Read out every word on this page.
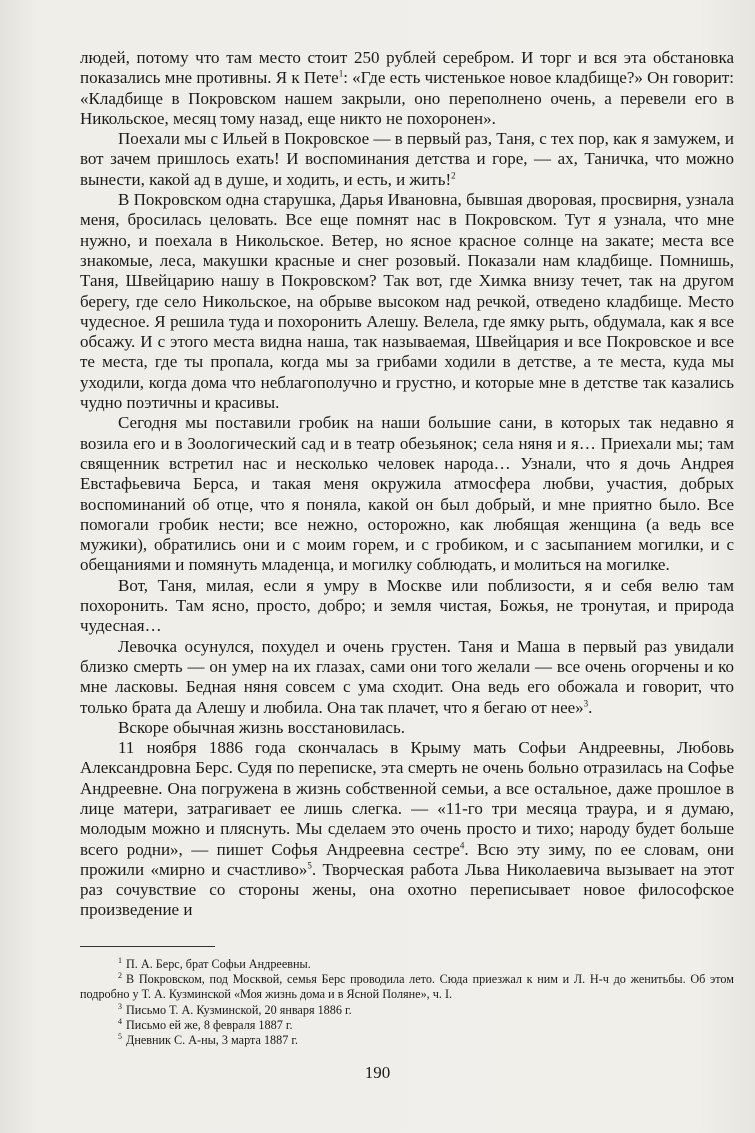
людей, потому что там место стоит 250 рублей серебром. И торг и вся эта обстановка показались мне противны. Я к Пете$^1$: «Где есть чистенькое новое кладбище?» Он говорит: «Кладбище в Покровском нашем закрыли, оно переполнено очень, а перевели его в Никольское, месяц тому назад, еще никто не похоронен».

Поехали мы с Ильей в Покровское — в первый раз, Таня, с тех пор, как я замужем, и вот зачем пришлось ехать! И воспоминания детства и горе, — ах, Таничка, что можно вынести, какой ад в душе, и ходить, и есть, и жить!$^2$

В Покровском одна старушка, Дарья Ивановна, бывшая дворовая, просвирня, узнала меня, бросилась целовать. Все еще помнят нас в Покровском. Тут я узнала, что мне нужно, и поехала в Никольское. Ветер, но ясное красное солнце на закате; места все знакомые, леса, макушки красные и снег розовый. Показали нам кладбище. Помнишь, Таня, Швейцарию нашу в Покровском? Так вот, где Химка внизу течет, так на другом берегу, где село Никольское, на обрыве высоком над речкой, отведено кладбище. Место чудесное. Я решила туда и похоронить Алешу. Велела, где ямку рыть, обдумала, как я все обсажу. И с этого места видна наша, так называемая, Швейцария и все Покровское и все те места, где ты пропала, когда мы за грибами ходили в детстве, а те места, куда мы уходили, когда дома что неблагополучно и грустно, и которые мне в детстве так казались чудно поэтичны и красивы.

Сегодня мы поставили гробик на наши большие сани, в которых так недавно я возила его и в Зоологический сад и в театр обезьянок; села няня и я… Приехали мы; там священник встретил нас и несколько человек народа… Узнали, что я дочь Андрея Евстафьевича Берса, и такая меня окружила атмосфера любви, участия, добрых воспоминаний об отце, что я поняла, какой он был добрый, и мне приятно было. Все помогали гробик нести; все нежно, осторожно, как любящая женщина (а ведь все мужики), обратились они и с моим горем, и с гробиком, и с засыпанием могилки, и с обещаниями и помянуть младенца, и могилку соблюдать, и молиться на могилке.

Вот, Таня, милая, если я умру в Москве или поблизости, я и себя велю там похоронить. Там ясно, просто, добро; и земля чистая, Божья, не тронутая, и природа чудесная…

Левочка осунулся, похудел и очень грустен. Таня и Маша в первый раз увидали близко смерть — он умер на их глазах, сами они того желали — все очень огорчены и ко мне ласковы. Бедная няня совсем с ума сходит. Она ведь его обожала и говорит, что только брата да Алешу и любила. Она так плачет, что я бегаю от нее»$^3$.

Вскоре обычная жизнь восстановилась.

11 ноября 1886 года скончалась в Крыму мать Софьи Андреевны, Любовь Александровна Берс. Судя по переписке, эта смерть не очень больно отразилась на Софье Андреевне. Она погружена в жизнь собственной семьи, а все остальное, даже прошлое в лице матери, затрагивает ее лишь слегка. — «11-го три месяца траура, и я думаю, молодым можно и пляснуть. Мы сделаем это очень просто и тихо; народу будет больше всего родни», — пишет Софья Андреевна сестре$^4$. Всю эту зиму, по ее словам, они прожили «мирно и счастливо»$^5$. Творческая работа Льва Николаевича вызывает на этот раз сочувствие со стороны жены, она охотно переписывает новое философское произведение и

$^1$ П. А. Берс, брат Софьи Андреевны.

$^2$ В Покровском, под Москвой, семья Берс проводила лето. Сюда приезжал к ним и Л. Н-ч до женитьбы. Об этом подробно у Т. А. Кузминской «Моя жизнь дома и в Ясной Поляне», ч. I.

$^3$ Письмо Т. А. Кузминской, 20 января 1886 г.

$^4$ Письмо ей же, 8 февраля 1887 г.

$^5$ Дневник С. А-ны, 3 марта 1887 г.

190
